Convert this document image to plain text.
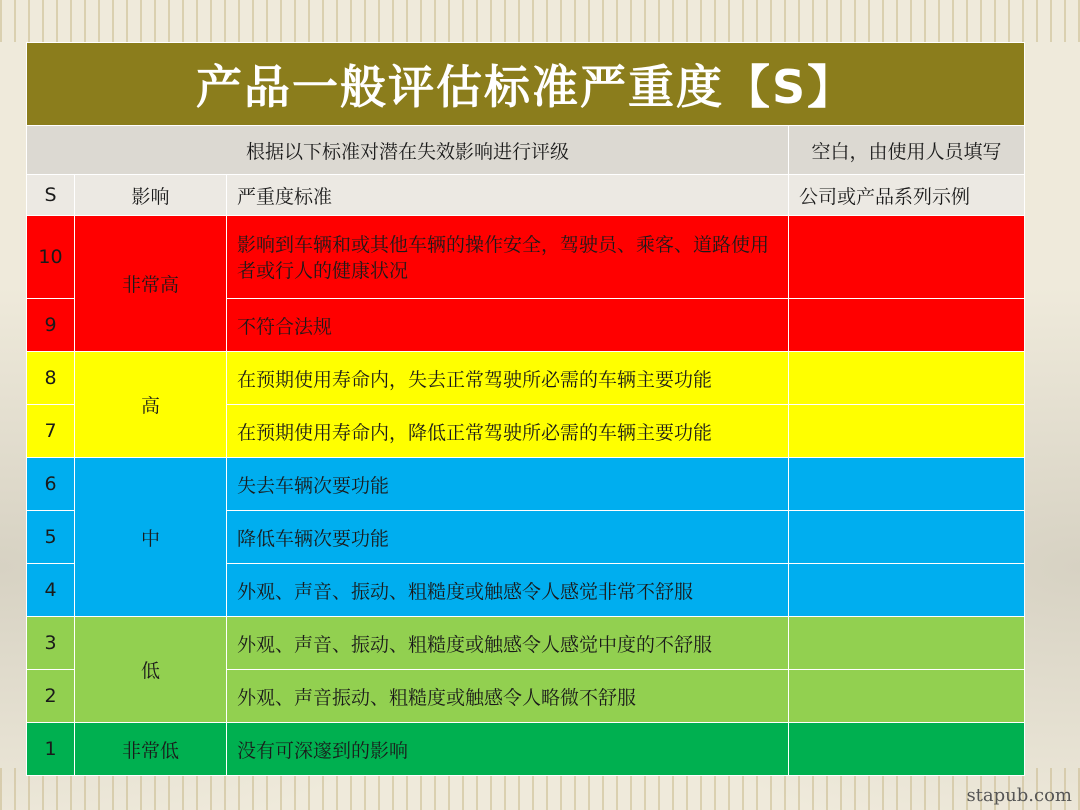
产品一般评估标准严重度【S】			
根据以下标准对潜在失效影响进行评级			空白，由使用人员填写
S	影响	严重度标准	公司或产品系列示例
10	非常高	影响到车辆和或其他车辆的操作安全，驾驶员、乘客、道路使用者或行人的健康状况	
9		不符合法规	
8	高	在预期使用寿命内，失去正常驾驶所必需的车辆主要功能	
7		在预期使用寿命内，降低正常驾驶所必需的车辆主要功能	
6	中	失去车辆次要功能	
5		降低车辆次要功能	
4		外观、声音、振动、粗糙度或触感令人感觉非常不舒服	
3	低	外观、声音、振动、粗糙度或触感令人感觉中度的不舒服	
2		外观、声音振动、粗糙度或触感令人略微不舒服	
1	非常低	没有可深邃到的影响	
stapub.com
